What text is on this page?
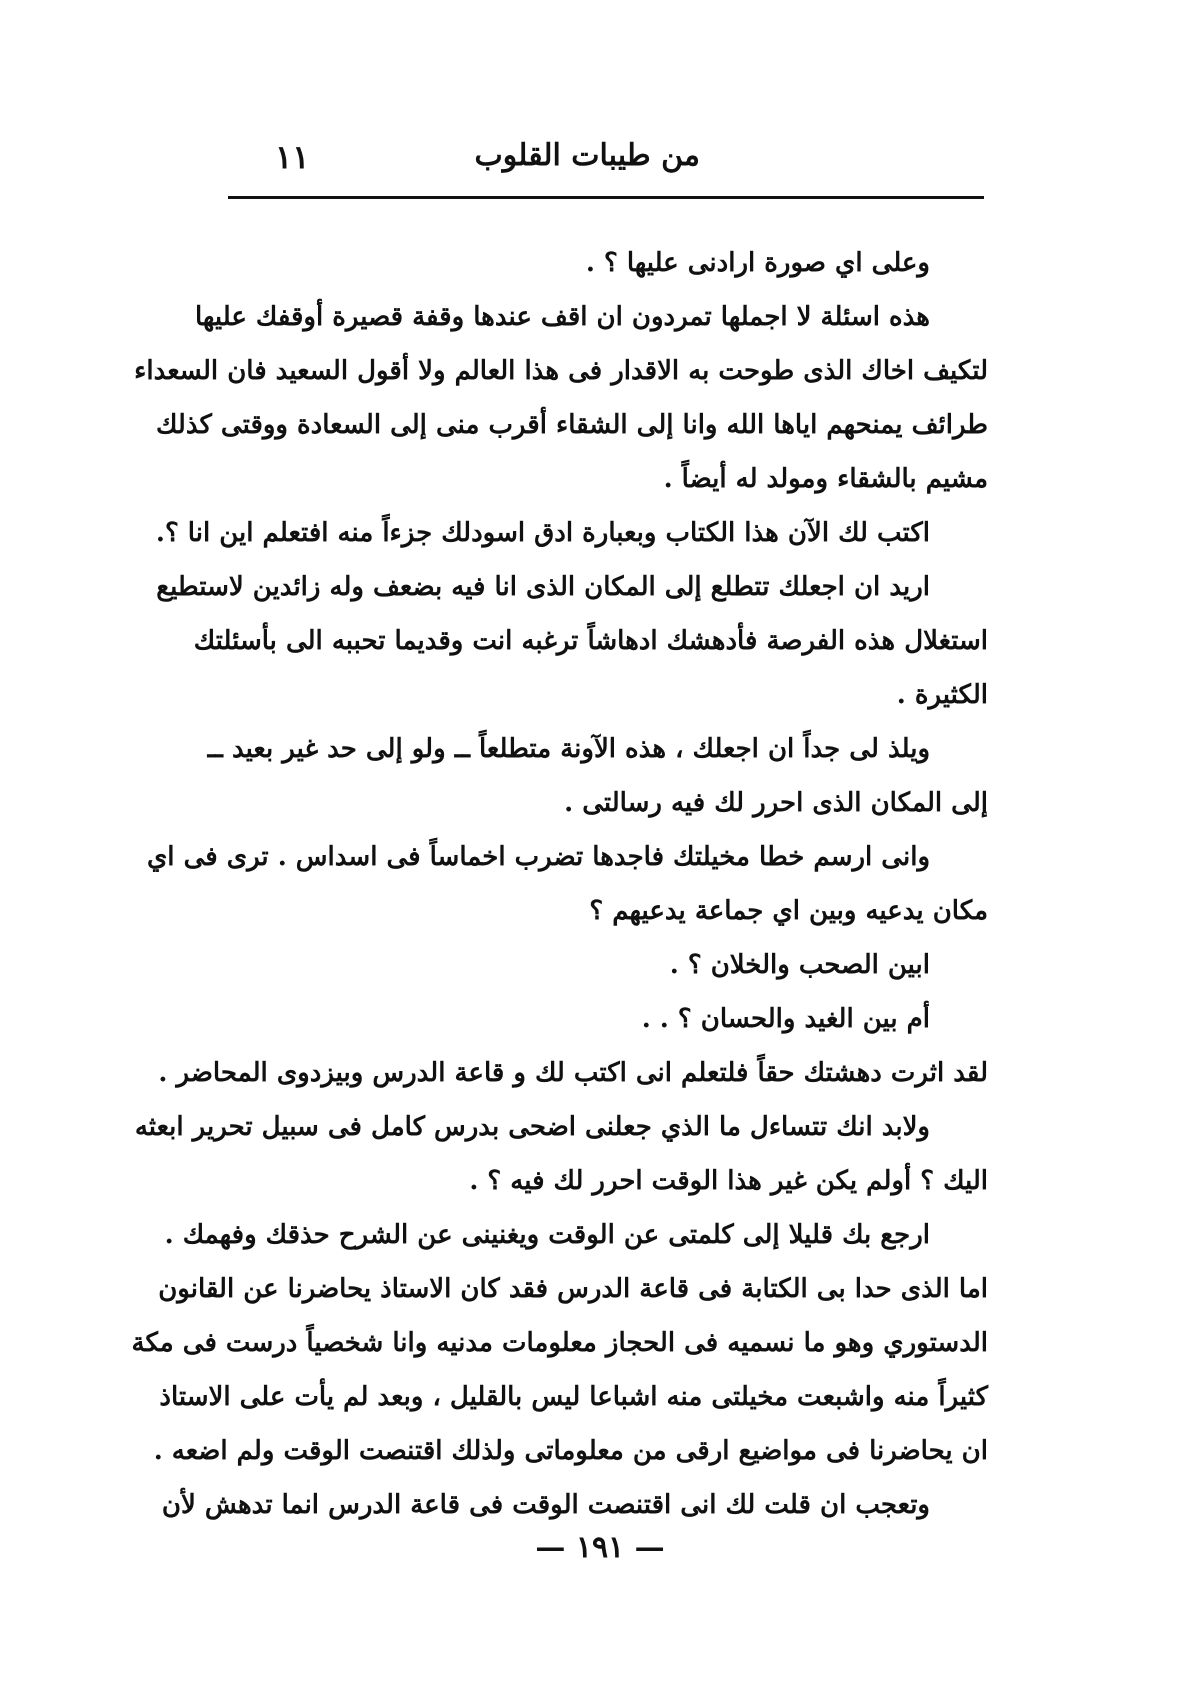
من طيبات القلوب
١١
وعلى اي صورة ارادنى عليها ؟ .
هذه اسئلة لا اجملها تمردون ان اقف عندها وقفة قصيرة أوقفك عليها
لتكيف اخاك الذى طوحت به الاقدار فى هذا العالم ولا أقول السعيد فان السعداء
طرائف يمنحهم اياها الله وانا إلى الشقاء أقرب منى إلى السعادة ووقتى كذلك
مشيم بالشقاء ومولد له أيضاً .
اكتب لك الآن هذا الكتاب وبعبارة ادق اسودلك جزءاً منه افتعلم اين انا ؟.
اريد ان اجعلك تتطلع إلى المكان الذى انا فيه بضعف وله زائدين لاستطيع
استغلال هذه الفرصة فأدهشك ادهاشاً ترغبه انت وقديما تحببه الى بأسئلتك
الكثيرة .
ويلذ لى جداً ان اجعلك ، هذه الآونة متطلعاً ــ ولو إلى حد غير بعيد ــ
إلى المكان الذى احرر لك فيه رسالتى .
وانى ارسم خطا مخيلتك فاجدها تضرب اخماساً فى اسداس . ترى فى اي
مكان يدعيه وبين اي جماعة يدعيهم ؟
ابين الصحب والخلان ؟ .
أم بين الغيد والحسان ؟ . .
لقد اثرت دهشتك حقاً فلتعلم انى اكتب لك و قاعة الدرس وبيزدوى المحاضر .
ولابد انك تتساءل ما الذي جعلنى اضحى بدرس كامل فى سبيل تحرير ابعثه
اليك ؟ أولم يكن غير هذا الوقت احرر لك فيه ؟ .
ارجع بك قليلا إلى كلمتى عن الوقت ويغنينى عن الشرح حذقك وفهمك .
اما الذى حدا بى الكتابة فى قاعة الدرس فقد كان الاستاذ يحاضرنا عن القانون
الدستوري وهو ما نسميه فى الحجاز معلومات مدنيه وانا شخصياً درست فى مكة
كثيراً منه واشبعت مخيلتى منه اشباعا ليس بالقليل ، وبعد لم يأت على الاستاذ
ان يحاضرنا فى مواضيع ارقى من معلوماتى ولذلك اقتنصت الوقت ولم اضعه .
وتعجب ان قلت لك انى اقتنصت الوقت فى قاعة الدرس انما تدهش لأن
— ١٩١ —
